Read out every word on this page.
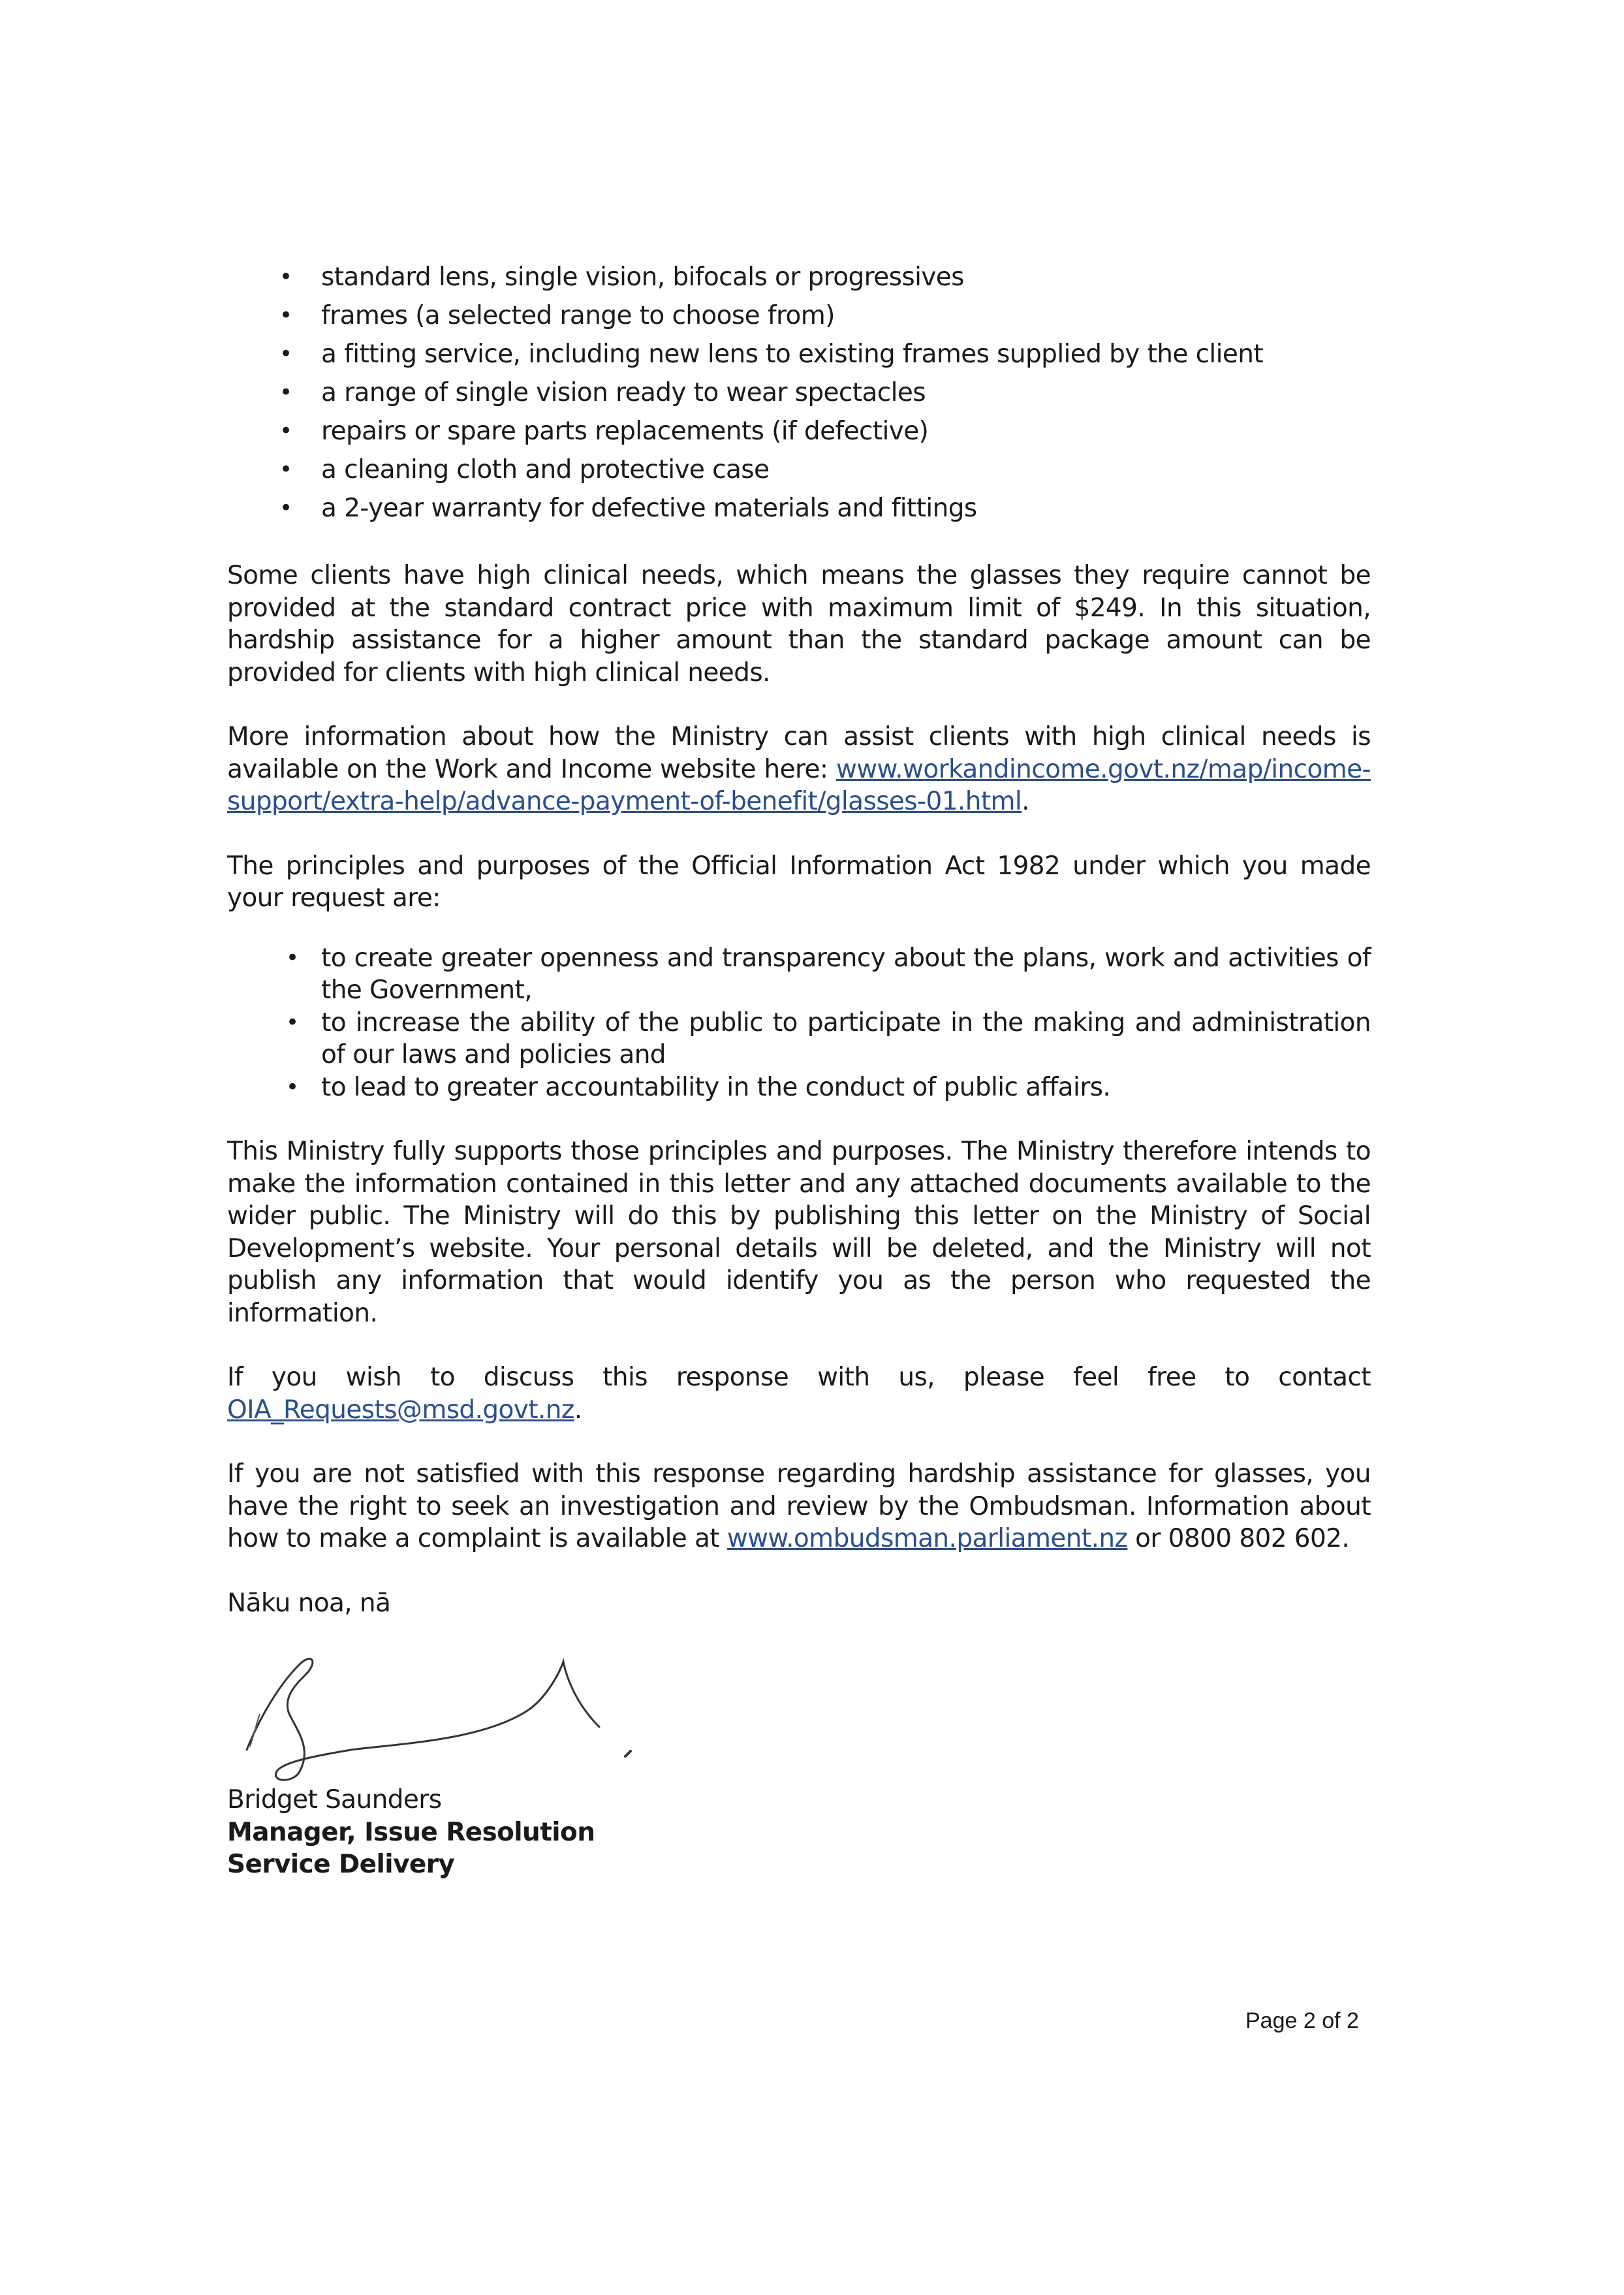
• standard lens, single vision, bifocals or progressives
• frames (a selected range to choose from)
• a fitting service, including new lens to existing frames supplied by the client
• a range of single vision ready to wear spectacles
• repairs or spare parts replacements (if defective)
• a cleaning cloth and protective case
• a 2-year warranty for defective materials and fittings

Some clients have high clinical needs, which means the glasses they require cannot be provided at the standard contract price with maximum limit of $249. In this situation, hardship assistance for a higher amount than the standard package amount can be provided for clients with high clinical needs.

More information about how the Ministry can assist clients with high clinical needs is available on the Work and Income website here: www.workandincome.govt.nz/map/income-support/extra-help/advance-payment-of-benefit/glasses-01.html.

The principles and purposes of the Official Information Act 1982 under which you made your request are:

• to create greater openness and transparency about the plans, work and activities of the Government,
• to increase the ability of the public to participate in the making and administration of our laws and policies and
• to lead to greater accountability in the conduct of public affairs.

This Ministry fully supports those principles and purposes. The Ministry therefore intends to make the information contained in this letter and any attached documents available to the wider public. The Ministry will do this by publishing this letter on the Ministry of Social Development’s website. Your personal details will be deleted, and the Ministry will not publish any information that would identify you as the person who requested the information.

If you wish to discuss this response with us, please feel free to contact OIA_Requests@msd.govt.nz.

If you are not satisfied with this response regarding hardship assistance for glasses, you have the right to seek an investigation and review by the Ombudsman. Information about how to make a complaint is available at www.ombudsman.parliament.nz or 0800 802 602.

Nāku noa, nā

Bridget Saunders

Manager, Issue Resolution

Service Delivery

Page 2 of 2
